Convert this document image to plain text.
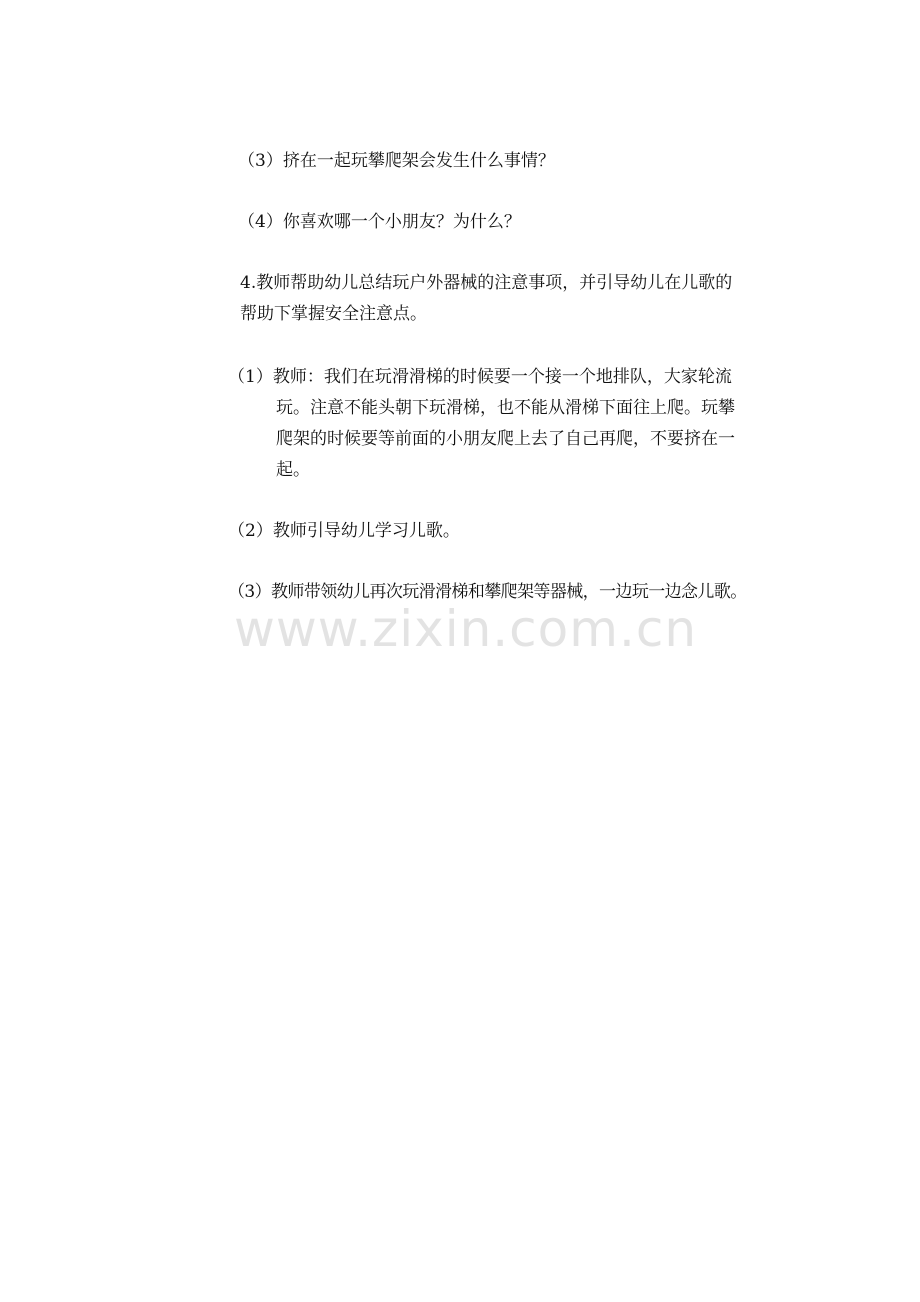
（3）挤在一起玩攀爬架会发生什么事情？
（4）你喜欢哪一个小朋友？为什么？
4.教师帮助幼儿总结玩户外器械的注意事项，并引导幼儿在儿歌的
帮助下掌握安全注意点。
（1）教师：我们在玩滑滑梯的时候要一个接一个地排队，大家轮流
玩。注意不能头朝下玩滑梯，也不能从滑梯下面往上爬。玩攀
爬架的时候要等前面的小朋友爬上去了自己再爬，不要挤在一
起。
（2）教师引导幼儿学习儿歌。
（3）教师带领幼儿再次玩滑滑梯和攀爬架等器械，一边玩一边念儿歌。
www.zixin.com.cn
